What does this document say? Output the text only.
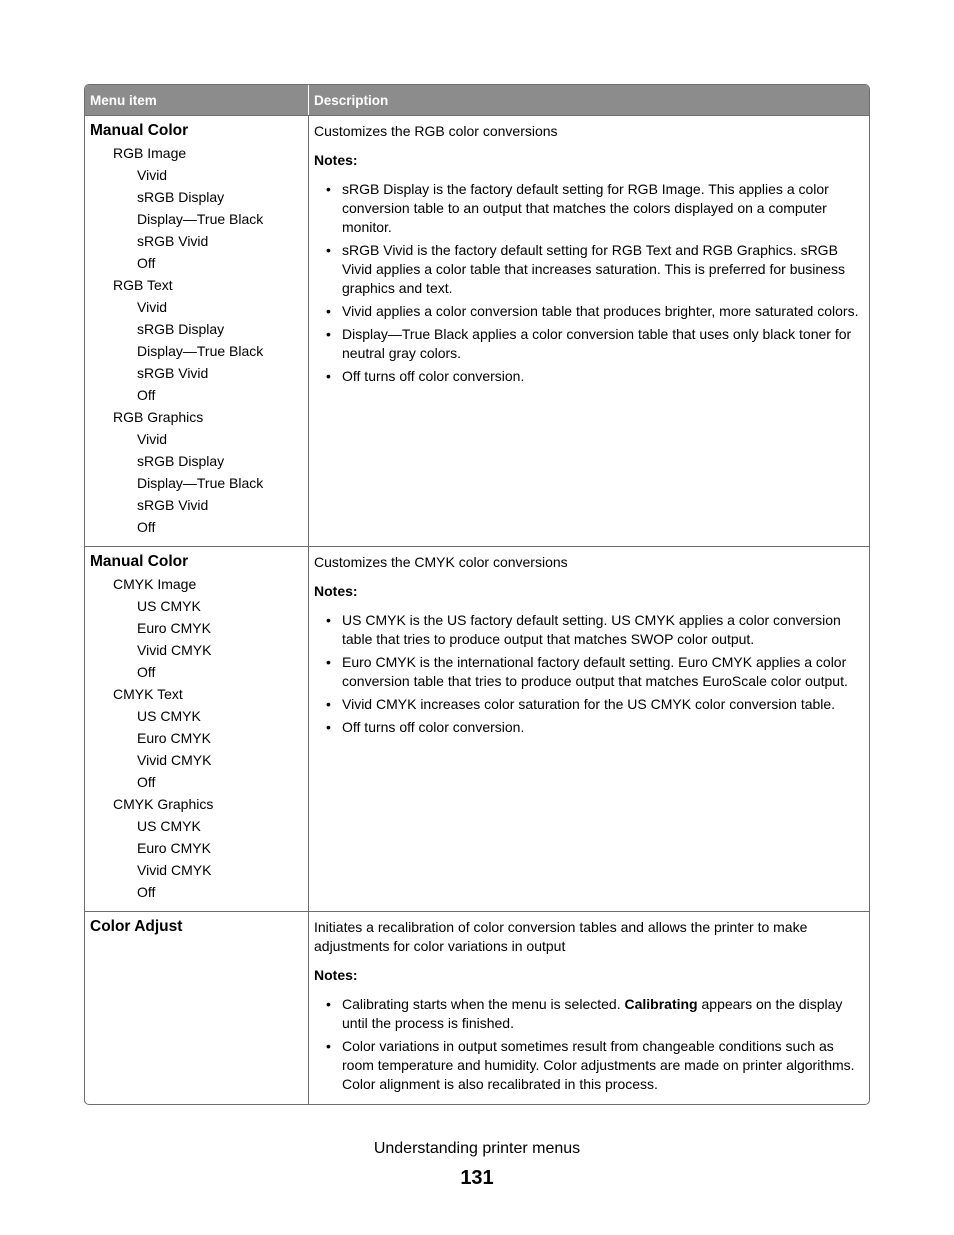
Menu item	Description
Manual Color
RGB Image
Vivid
sRGB Display
Display—True Black
sRGB Vivid
Off
RGB Text
Vivid
sRGB Display
Display—True Black
sRGB Vivid
Off
RGB Graphics
Vivid
sRGB Display
Display—True Black
sRGB Vivid
Off
Customizes the RGB color conversions
Notes:
• sRGB Display is the factory default setting for RGB Image. This applies a color conversion table to an output that matches the colors displayed on a computer monitor.
• sRGB Vivid is the factory default setting for RGB Text and RGB Graphics. sRGB Vivid applies a color table that increases saturation. This is preferred for business graphics and text.
• Vivid applies a color conversion table that produces brighter, more saturated colors.
• Display—True Black applies a color conversion table that uses only black toner for neutral gray colors.
• Off turns off color conversion.
Manual Color
CMYK Image
US CMYK
Euro CMYK
Vivid CMYK
Off
CMYK Text
US CMYK
Euro CMYK
Vivid CMYK
Off
CMYK Graphics
US CMYK
Euro CMYK
Vivid CMYK
Off
Customizes the CMYK color conversions
Notes:
• US CMYK is the US factory default setting. US CMYK applies a color conversion table that tries to produce output that matches SWOP color output.
• Euro CMYK is the international factory default setting. Euro CMYK applies a color conversion table that tries to produce output that matches EuroScale color output.
• Vivid CMYK increases color saturation for the US CMYK color conversion table.
• Off turns off color conversion.
Color Adjust	Initiates a recalibration of color conversion tables and allows the printer to make adjustments for color variations in output
Notes:
• Calibrating starts when the menu is selected. Calibrating appears on the display until the process is finished.
• Color variations in output sometimes result from changeable conditions such as room temperature and humidity. Color adjustments are made on printer algorithms. Color alignment is also recalibrated in this process.
Understanding printer menus
131
